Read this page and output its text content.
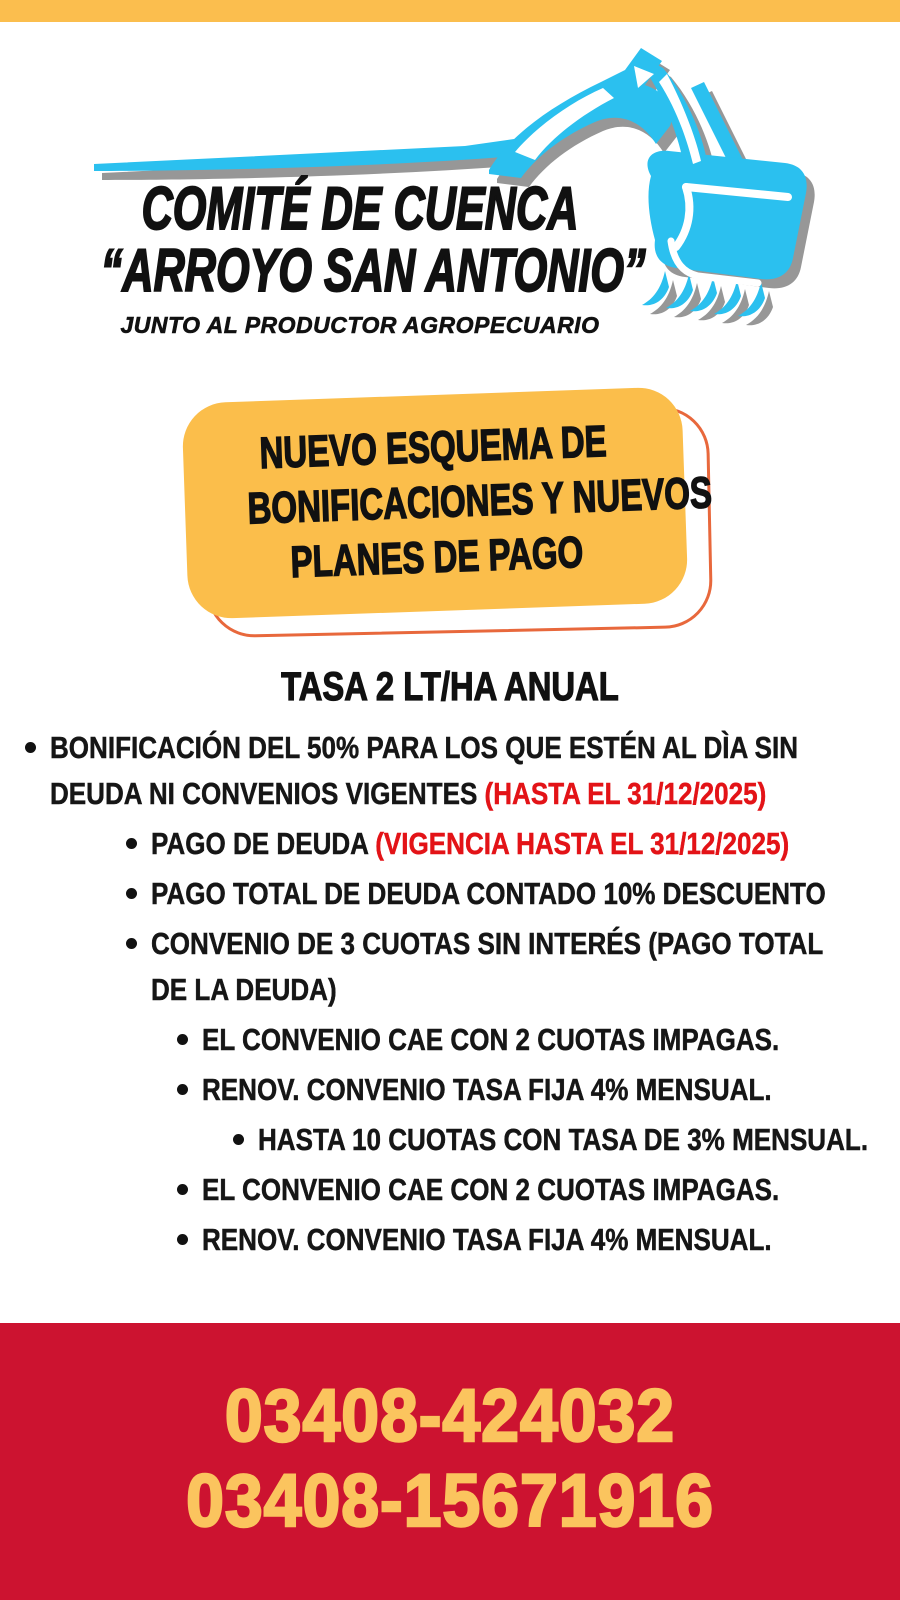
COMITÉ DE CUENCA
“ARROYO SAN ANTONIO”
JUNTO AL PRODUCTOR AGROPECUARIO
NUEVO ESQUEMA DE
BONIFICACIONES Y NUEVOS
PLANES DE PAGO
TASA 2 LT/HA ANUAL
BONIFICACIÓN DEL 50% PARA LOS QUE ESTÉN AL DÌA SIN
DEUDA NI CONVENIOS VIGENTES (HASTA EL 31/12/2025)
PAGO DE DEUDA (VIGENCIA HASTA EL 31/12/2025)
PAGO TOTAL DE DEUDA CONTADO 10% DESCUENTO
CONVENIO DE 3 CUOTAS SIN INTERÉS (PAGO TOTAL
DE LA DEUDA)
EL CONVENIO CAE CON 2 CUOTAS IMPAGAS.
RENOV. CONVENIO TASA FIJA 4% MENSUAL.
HASTA 10 CUOTAS CON TASA DE 3% MENSUAL.
EL CONVENIO CAE CON 2 CUOTAS IMPAGAS.
RENOV. CONVENIO TASA FIJA 4% MENSUAL.
03408-424032
03408-15671916
